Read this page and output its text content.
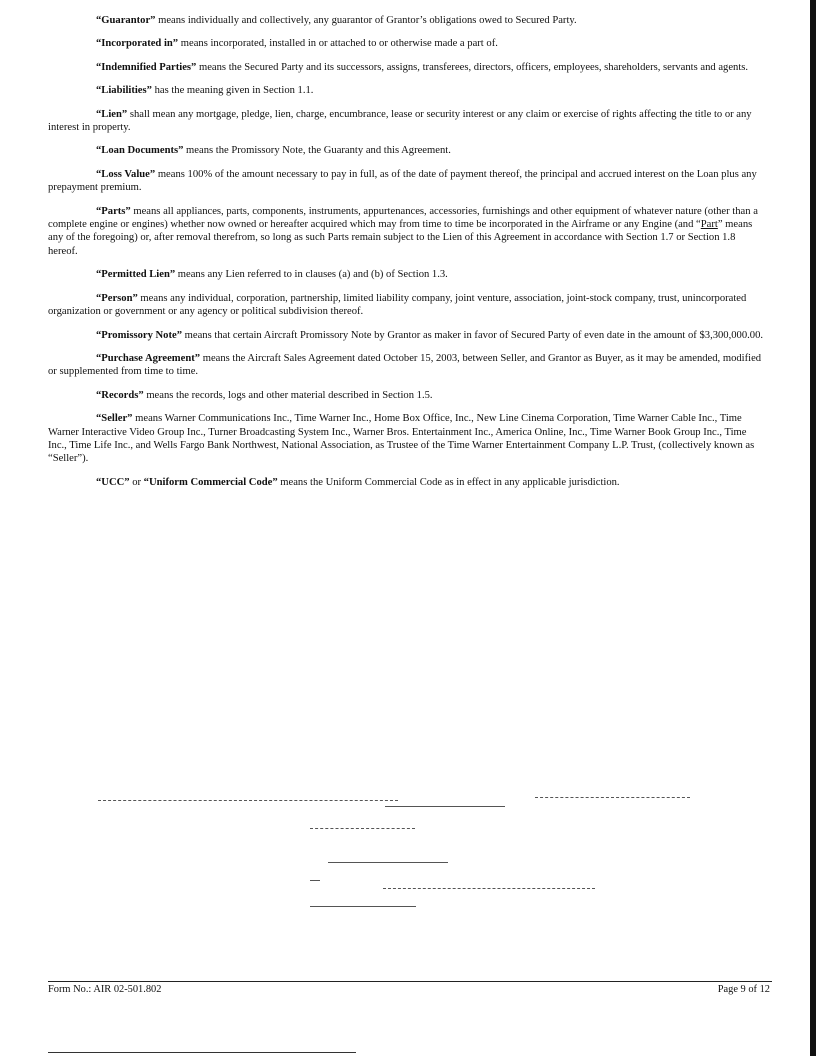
“Guarantor” means individually and collectively, any guarantor of Grantor’s obligations owed to Secured Party.

“Incorporated in” means incorporated, installed in or attached to or otherwise made a part of.

“Indemnified Parties” means the Secured Party and its successors, assigns, transferees, directors, officers, employees, shareholders, servants and agents.

“Liabilities” has the meaning given in Section 1.1.

“Lien” shall mean any mortgage, pledge, lien, charge, encumbrance, lease or security interest or any claim or exercise of rights affecting the title to or any interest in property.

“Loan Documents” means the Promissory Note, the Guaranty and this Agreement.

“Loss Value” means 100% of the amount necessary to pay in full, as of the date of payment thereof, the principal and accrued interest on the Loan plus any prepayment premium.

“Parts” means all appliances, parts, components, instruments, appurtenances, accessories, furnishings and other equipment of whatever nature (other than a complete engine or engines) whether now owned or hereafter acquired which may from time to time be incorporated in the Airframe or any Engine (and “Part” means any of the foregoing) or, after removal therefrom, so long as such Parts remain subject to the Lien of this Agreement in accordance with Section 1.7 or Section 1.8 hereof.

“Permitted Lien” means any Lien referred to in clauses (a) and (b) of Section 1.3.

“Person” means any individual, corporation, partnership, limited liability company, joint venture, association, joint-stock company, trust, unincorporated organization or government or any agency or political subdivision thereof.

“Promissory Note” means that certain Aircraft Promissory Note by Grantor as maker in favor of Secured Party of even date in the amount of $3,300,000.00.

“Purchase Agreement” means the Aircraft Sales Agreement dated October 15, 2003, between Seller, and Grantor as Buyer, as it may be amended, modified or supplemented from time to time.

“Records” means the records, logs and other material described in Section 1.5.

“Seller” means Warner Communications Inc., Time Warner Inc., Home Box Office, Inc., New Line Cinema Corporation, Time Warner Cable Inc., Time Warner Interactive Video Group Inc., Turner Broadcasting System Inc., Warner Bros. Entertainment Inc., America Online, Inc., Time Warner Book Group Inc., Time Inc., Time Life Inc., and Wells Fargo Bank Northwest, National Association, as Trustee of the Time Warner Entertainment Company L.P. Trust, (collectively known as “Seller”).

“UCC” or “Uniform Commercial Code” means the Uniform Commercial Code as in effect in any applicable jurisdiction.

Form No.: AIR 02-501.802	Page 9 of 12
